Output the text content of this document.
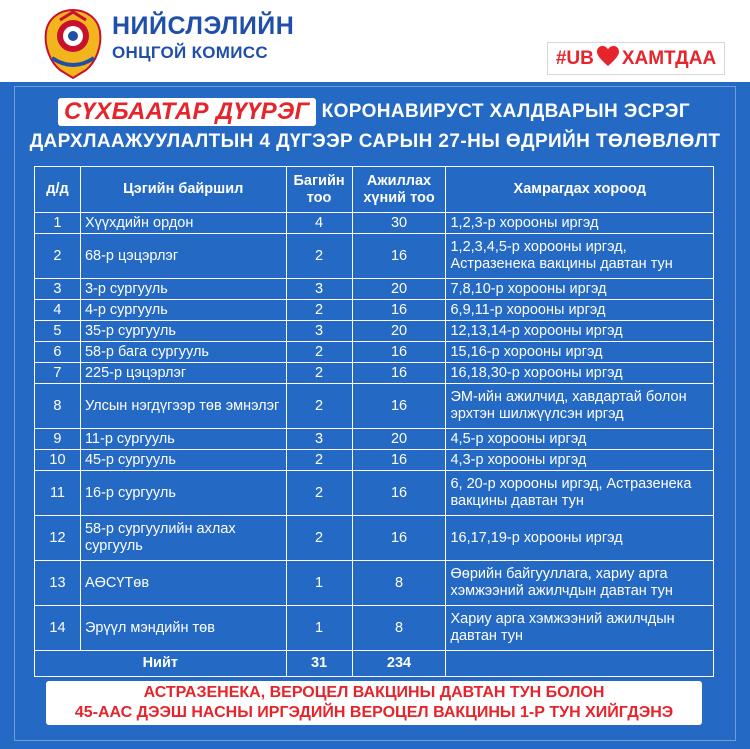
НИЙСЛЭЛИЙН
ОНЦГОЙ КОМИСС	#UB ХАМТДАА
СҮХБААТАР ДҮҮРЭГ КОРОНАВИРУСТ ХАЛДВАРЫН ЭСРЭГ
ДАРХЛААЖУУЛАЛТЫН 4 ДҮГЭЭР САРЫН 27-НЫ ӨДРИЙН ТӨЛӨВЛӨЛТ
д/д	Цэгийн байршил	Багийн тоо	Ажиллах хүний тоо	Хамрагдах хороод
1	Хүүхдийн ордон	4	30	1,2,3-р хорооны иргэд
2	68-р цэцэрлэг	2	16	1,2,3,4,5-р хорооны иргэд, Астразенека вакцины давтан тун
3	3-р сургууль	3	20	7,8,10-р хорооны иргэд
4	4-р сургууль	2	16	6,9,11-р хорооны иргэд
5	35-р сургууль	3	20	12,13,14-р хорооны иргэд
6	58-р бага сургууль	2	16	15,16-р хорооны иргэд
7	225-р цэцэрлэг	2	16	16,18,30-р хорооны иргэд
8	Улсын нэгдүгээр төв эмнэлэг	2	16	ЭМ-ийн ажилчид, хавдартай болон эрхтэн шилжүүлсэн иргэд
9	11-р сургууль	3	20	4,5-р хорооны иргэд
10	45-р сургууль	2	16	4,3-р хорооны иргэд
11	16-р сургууль	2	16	6, 20-р хорооны иргэд, Астразенека вакцины давтан тун
12	58-р сургуулийн ахлах сургууль	2	16	16,17,19-р хорооны иргэд
13	АӨСҮТөв	1	8	Өөрийн байгууллага, хариу арга хэмжээний ажилчдын давтан тун
14	Эрүүл мэндийн төв	1	8	Хариу арга хэмжээний ажилчдын давтан тун
Нийт		31	234	
АСТРАЗЕНЕКА, ВЕРОЦЕЛ ВАКЦИНЫ ДАВТАН ТУН БОЛОН
45-ААС ДЭЭШ НАСНЫ ИРГЭДИЙН ВЕРОЦЕЛ ВАКЦИНЫ 1-Р ТУН ХИЙГДЭНЭ
